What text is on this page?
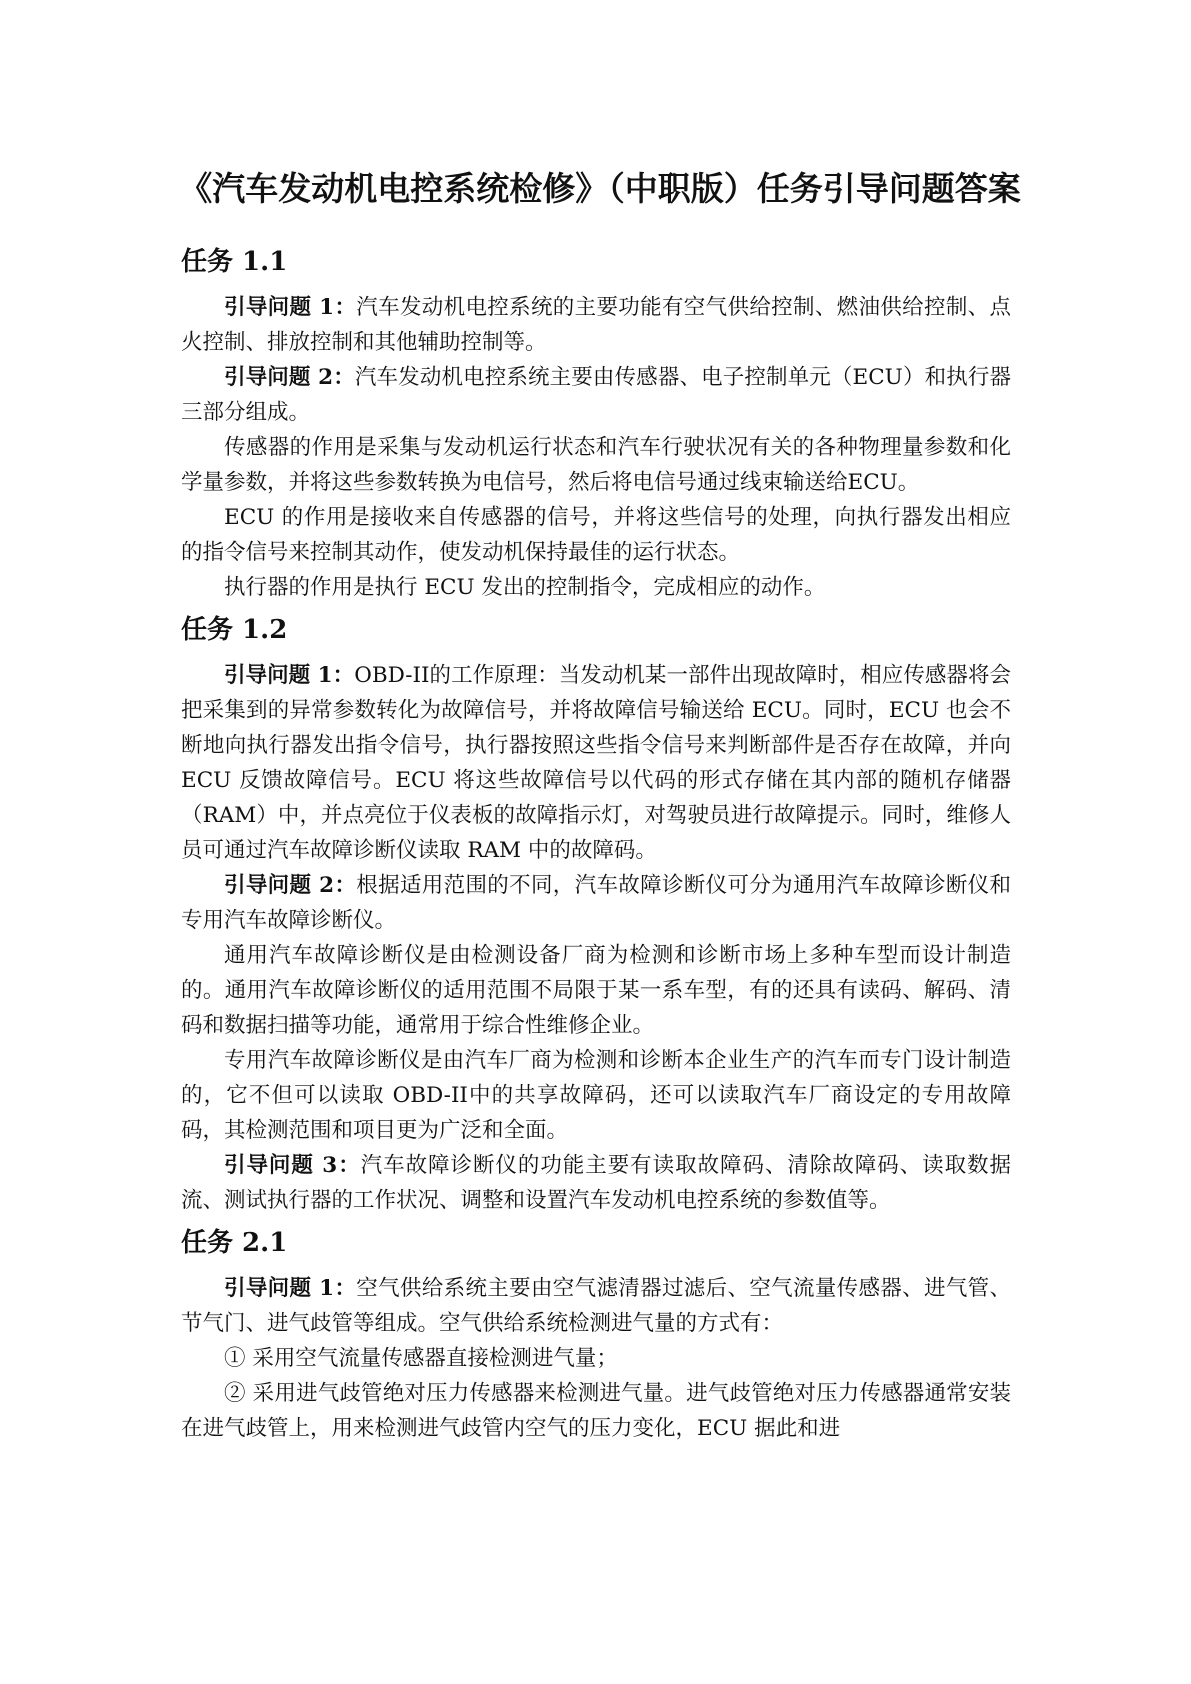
《汽车发动机电控系统检修》（中职版）任务引导问题答案
任务 1.1

引导问题 1：汽车发动机电控系统的主要功能有空气供给控制、燃油供给控制、点火控制、排放控制和其他辅助控制等。

引导问题 2：汽车发动机电控系统主要由传感器、电子控制单元（ECU）和执行器三部分组成。

传感器的作用是采集与发动机运行状态和汽车行驶状况有关的各种物理量参数和化学量参数，并将这些参数转换为电信号，然后将电信号通过线束输送给ECU。

ECU 的作用是接收来自传感器的信号，并将这些信号的处理，向执行器发出相应的指令信号来控制其动作，使发动机保持最佳的运行状态。

执行器的作用是执行 ECU 发出的控制指令，完成相应的动作。

任务 1.2

引导问题 1：OBD-II的工作原理：当发动机某一部件出现故障时，相应传感器将会把采集到的异常参数转化为故障信号，并将故障信号输送给 ECU。同时，ECU 也会不断地向执行器发出指令信号，执行器按照这些指令信号来判断部件是否存在故障，并向 ECU 反馈故障信号。ECU 将这些故障信号以代码的形式存储在其内部的随机存储器（RAM）中，并点亮位于仪表板的故障指示灯，对驾驶员进行故障提示。同时，维修人员可通过汽车故障诊断仪读取 RAM 中的故障码。

引导问题 2：根据适用范围的不同，汽车故障诊断仪可分为通用汽车故障诊断仪和专用汽车故障诊断仪。

通用汽车故障诊断仪是由检测设备厂商为检测和诊断市场上多种车型而设计制造的。通用汽车故障诊断仪的适用范围不局限于某一系车型，有的还具有读码、解码、清码和数据扫描等功能，通常用于综合性维修企业。

专用汽车故障诊断仪是由汽车厂商为检测和诊断本企业生产的汽车而专门设计制造的，它不但可以读取 OBD-II中的共享故障码，还可以读取汽车厂商设定的专用故障码，其检测范围和项目更为广泛和全面。

引导问题 3：汽车故障诊断仪的功能主要有读取故障码、清除故障码、读取数据流、测试执行器的工作状况、调整和设置汽车发动机电控系统的参数值等。

任务 2.1

引导问题 1：空气供给系统主要由空气滤清器过滤后、空气流量传感器、进气管、节气门、进气歧管等组成。空气供给系统检测进气量的方式有：

① 采用空气流量传感器直接检测进气量；

② 采用进气歧管绝对压力传感器来检测进气量。进气歧管绝对压力传感器通常安装在进气歧管上，用来检测进气歧管内空气的压力变化，ECU 据此和进
